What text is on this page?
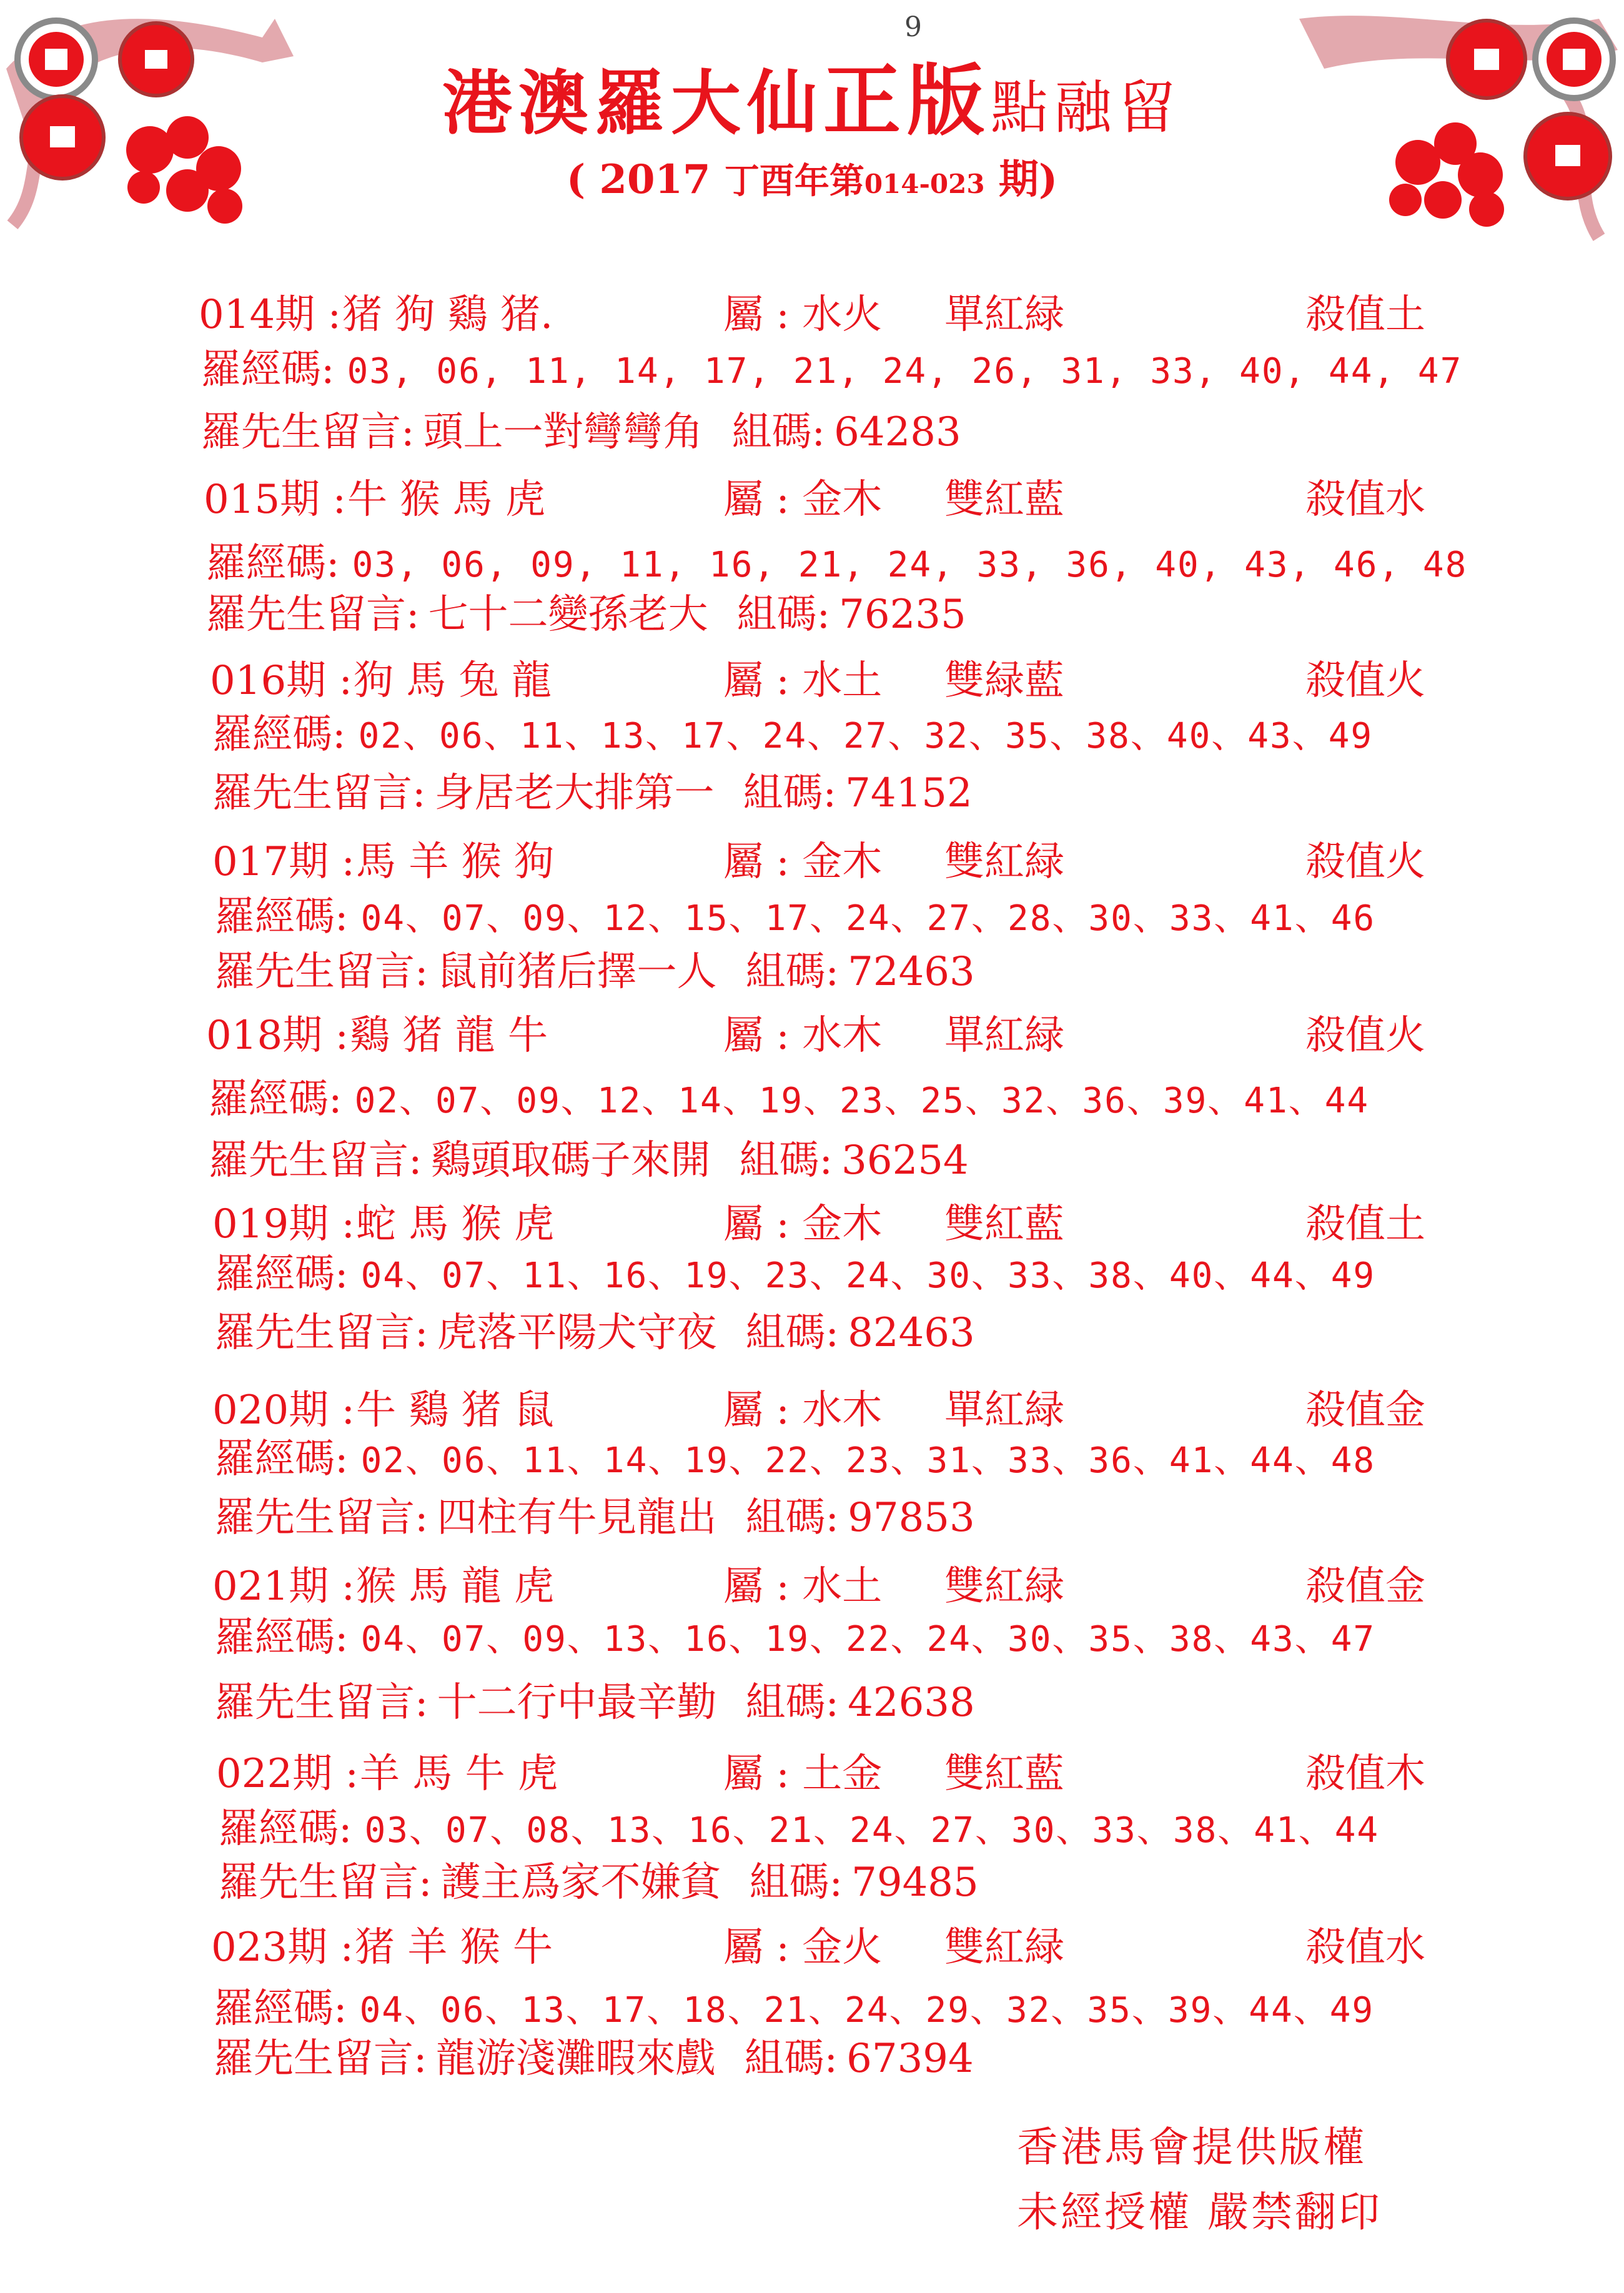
9
港澳羅大仙正版點融留
( 2017 丁酉年第014-023 期)
014期 : 猪 狗 鷄 猪.	屬 : 水火 單紅緑	殺值土
羅經碼: 03, 06, 11, 14, 17, 21, 24, 26, 31, 33, 40, 44, 47
羅先生留言: 頭上一對彎彎角 組碼: 64283
015期 : 牛 猴 馬 虎	屬 : 金木 雙紅藍	殺值水
羅經碼: 03, 06, 09, 11, 16, 21, 24, 33, 36, 40, 43, 46, 48
羅先生留言: 七十二變孫老大 組碼: 76235
016期 : 狗 馬 兔 龍	屬 : 水土 雙緑藍	殺值火
羅經碼: 02、06、11、13、17、24、27、32、35、38、40、43、49
羅先生留言: 身居老大排第一 組碼: 74152
017期 : 馬 羊 猴 狗	屬 : 金木 雙紅緑	殺值火
羅經碼: 04、07、09、12、15、17、24、27、28、30、33、41、46
羅先生留言: 鼠前猪后擇一人 組碼: 72463
018期 : 鷄 猪 龍 牛	屬 : 水木 單紅緑	殺值火
羅經碼: 02、07、09、12、14、19、23、25、32、36、39、41、44
羅先生留言: 鷄頭取碼子來開 組碼: 36254
019期 : 蛇 馬 猴 虎	屬 : 金木 雙紅藍	殺值土
羅經碼: 04、07、11、16、19、23、24、30、33、38、40、44、49
羅先生留言: 虎落平陽犬守夜 組碼: 82463
020期 : 牛 鷄 猪 鼠	屬 : 水木 單紅緑	殺值金
羅經碼: 02、06、11、14、19、22、23、31、33、36、41、44、48
羅先生留言: 四柱有牛見龍出 組碼: 97853
021期 : 猴 馬 龍 虎	屬 : 水土 雙紅緑	殺值金
羅經碼: 04、07、09、13、16、19、22、24、30、35、38、43、47
羅先生留言: 十二行中最辛勤 組碼: 42638
022期 : 羊 馬 牛 虎	屬 : 土金 雙紅藍	殺值木
羅經碼: 03、07、08、13、16、21、24、27、30、33、38、41、44
羅先生留言: 護主爲家不嫌貧 組碼: 79485
023期 : 猪 羊 猴 牛	屬 : 金火 雙紅緑	殺值水
羅經碼: 04、06、13、17、18、21、24、29、32、35、39、44、49
羅先生留言: 龍游淺灘暇來戲 組碼: 67394
香港馬會提供版權
未經授權 嚴禁翻印
